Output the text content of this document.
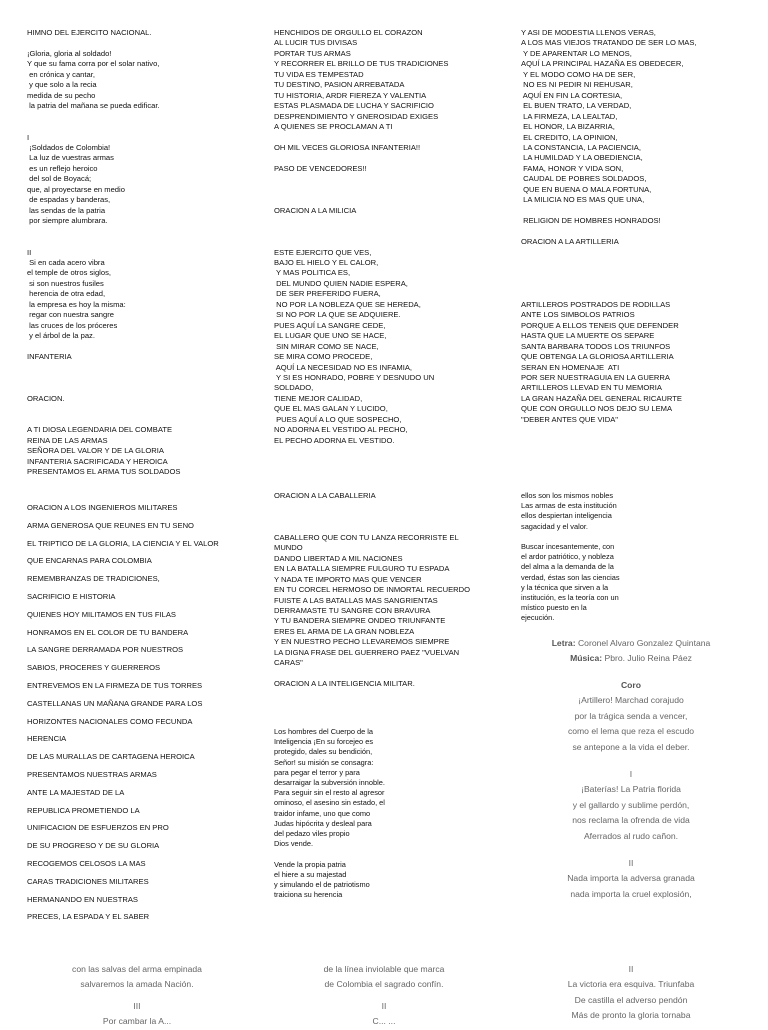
HIMNO DEL EJERCITO NACIONAL.

¡Gloria, gloria al soldado!
Y que su fama corra por el solar nativo,
en crónica y cantar,
y que solo a la recia
medida de su pecho
la patria del mañana se pueda edificar.

I
¡Soldados de Colombia!
La luz de vuestras armas
es un reflejo heroico
del sol de Boyacá;
que, al proyectarse en medio
de espadas y banderas,
las sendas de la patria
por siempre alumbrara.

II
Si en cada acero vibra
el temple de otros siglos,
si son nuestros fusiles
herencia de otra edad,
la empresa es hoy la misma:
regar con nuestra sangre
las cruces de los próceres
y el árbol de la paz.

INFANTERIA

ORACION.

A TI DIOSA LEGENDARIA DEL COMBATE
REINA DE LAS ARMAS
SEÑORA DEL VALOR Y DE LA GLORIA
INFANTERIA SACRIFICADA Y HEROICA
PRESENTAMOS EL ARMA TUS SOLDADOS
HENCHIDOS DE ORGULLO EL CORAZON
AL LUCIR TUS DIVISAS
PORTAR TUS ARMAS
Y RECORRER EL BRILLO DE TUS TRADICIONES
TU VIDA ES TEMPESTAD
TU DESTINO, PASION ARREBATADA
TU HISTORIA, ARDR FIEREZA Y VALENTIA
ESTAS PLASMADA DE LUCHA Y SACRIFICIO
DESPRENDIMIENTO Y GNEROSIDAD EXIGES
A QUIENES SE PROCLAMAN A TI

OH MIL VECES GLORIOSA INFANTERIA!!

PASO DE VENCEDORES!!

ORACION A LA MILICIA

ESTE EJERCITO QUE VES,
BAJO EL HIELO Y EL CALOR,
Y MAS POLITICA ES,
DEL MUNDO QUIEN NADIE ESPERA,
DE SER PREFERIDO FUERA,
NO POR LA NOBLEZA QUE SE HEREDA,
SI NO POR LA QUE SE ADQUIERE.
PUES AQUÍ LA SANGRE CEDE,
EL LUGAR QUE UNO SE HACE,
SIN MIRAR COMO SE NACE,
SE MIRA COMO PROCEDE,
AQUÍ LA NECESIDAD NO ES INFAMIA,
Y SI ES HONRADO, POBRE Y DESNUDO UN
SOLDADO,
TIENE MEJOR CALIDAD,
QUE EL MAS GALAN Y LUCIDO,
PUES AQUÍ A LO QUE SOSPECHO,
NO ADORNA EL VESTIDO AL PECHO,
EL PECHO ADORNA EL VESTIDO.
Y ASI DE MODESTIA LLENOS VERAS,
A LOS MAS VIEJOS TRATANDO DE SER LO MAS,
Y DE APARENTAR LO MENOS,
AQUÍ LA PRINCIPAL HAZAÑA ES OBEDECER,
Y EL MODO COMO HA DE SER,
NO ES NI PEDIR NI REHUSAR,
AQUÍ EN FIN LA CORTESIA,
EL BUEN TRATO, LA VERDAD,
LA FIRMEZA, LA LEALTAD,
EL HONOR, LA BIZARRIA,
EL CREDITO, LA OPINION,
LA CONSTANCIA, LA PACIENCIA,
LA HUMILDAD Y LA OBEDIENCIA,
FAMA, HONOR Y VIDA SON,
CAUDAL DE POBRES SOLDADOS,
QUE EN BUENA O MALA FORTUNA,
LA MILICIA NO ES MAS QUE UNA,

RELIGION DE HOMBRES HONRADOS!

ORACION A LA ARTILLERIA

ARTILLEROS POSTRADOS DE RODILLAS
ANTE LOS SIMBOLOS PATRIOS
PORQUE A ELLOS TENEIS QUE DEFENDER
HASTA QUE LA MUERTE OS SEPARE
SANTA BARBARA TODOS LOS TRIUNFOS
QUE OBTENGA LA GLORIOSA ARTILLERIA
SERAN EN HOMENAJE  ATI
POR SER NUESTRAGUIA EN LA GUERRA
ARTILLEROS LLEVAD EN TU MEMORIA
LA GRAN HAZAÑA DEL GENERAL RICAURTE
QUE CON ORGULLO NOS DEJO SU LEMA
"DEBER ANTES QUE VIDA"
ORACION A LOS INGENIEROS MILITARES
ARMA GENEROSA QUE REUNES EN TU SENO
EL TRIPTICO DE LA GLORIA, LA CIENCIA Y EL VALOR
QUE ENCARNAS PARA COLOMBIA
REMEMBRANZAS DE TRADICIONES,
SACRIFICIO E HISTORIA
QUIENES HOY MILITAMOS EN TUS FILAS
HONRAMOS EN EL COLOR DE TU BANDERA
LA SANGRE DERRAMADA POR NUESTROS
SABIOS, PROCERES Y GUERREROS
ENTREVEMOS EN LA FIRMEZA DE TUS TORRES
CASTELLANAS UN MAÑANA GRANDE PARA LOS
HORIZONTES NACIONALES COMO FECUNDA
HERENCIA
DE LAS MURALLAS DE CARTAGENA HEROICA
PRESENTAMOS NUESTRAS ARMAS
ANTE LA MAJESTAD DE LA
REPUBLICA PROMETIENDO LA
UNIFICACION DE ESFUERZOS EN PRO
DE SU PROGRESO Y DE SU GLORIA
RECOGEMOS CELOSOS LA MAS
CARAS TRADICIONES MILITARES
HERMANANDO EN NUESTRAS
PRECES, LA ESPADA Y EL SABER
ORACION A LA CABALLERIA

CABALLERO QUE CON TU LANZA RECORRISTE EL
MUNDO
DANDO LIBERTAD A MIL NACIONES
EN LA BATALLA SIEMPRE FULGURO TU ESPADA
Y NADA TE IMPORTO MAS QUE VENCER
EN TU CORCEL HERMOSO DE INMORTAL RECUERDO
FUISTE A LAS BATALLAS MAS SANGRIENTAS
DERRAMASTE TU SANGRE CON BRAVURA
Y TU BANDERA SIEMPRE ONDEO TRIUNFANTE
ERES EL ARMA DE LA GRAN NOBLEZA
Y EN NUESTRO PECHO LLEVAREMOS SIEMPRE
LA DIGNA FRASE DEL GUERRERO PAEZ "VUELVAN
CARAS"

ORACION A LA INTELIGENCIA MILITAR.
Los hombres del Cuerpo de la
Inteligencia ¡En su forcejeo es
protegido, dales su bendición,
Señor! su misión se consagra:
para pegar el terror y para
desarraigar la subversión innoble.
Para seguir sin el resto al agresor
ominoso, el asesino sin estado, el
traidor infame, uno que como
Judas hipócrita y desleal para
del pedazo viles propio
Dios vende.

Vende la propia patria
el hiere a su majestad
y simulando el de patriotismo
traiciona su herencia
ellos son los mismos nobles
Las armas de esta institución
ellos despiertan inteligencia
sagacidad y el valor.

Buscar incesantemente, con
el ardor patriótico, y nobleza
del alma a la demanda de la
verdad, éstas son las ciencias
y la técnica que sirven a la
institución, es la teoría con un
místico puesto en la
ejecución.
Letra: Coronel Alvaro Gonzalez Quintana
Música: Pbro. Julio Reina Páez
Coro
¡Artillero! Marchad corajudo
por la trágica senda a vencer,
como el lema que reza el escudo
se antepone a la vida el deber.
I
¡Baterías! La Patria florida
y el gallardo y sublime perdón,
nos reclama la ofrenda de vida
Aferrados al rudo cañon.
II
Nada importa la adversa granada
nada importa la cruel explosión,
con las salvas del arma empinada
salvaremos la amada Nación.
III
Por cambar la A...
de la línea inviolable que marca
de Colombia el sagrado confín.
II
C... ...
II
La victoria era esquiva. Triunfaba
De castilla el adverso pendón
Más de pronto la gloria tornaba
